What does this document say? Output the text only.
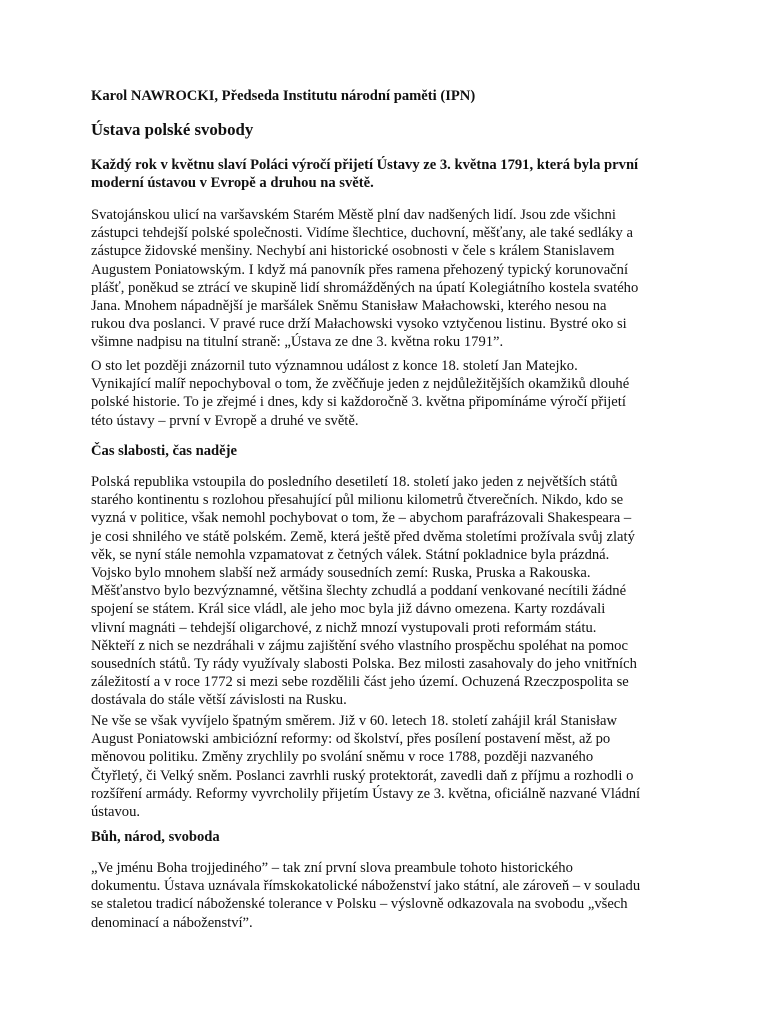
Karol NAWROCKI, Předseda Institutu národní paměti (IPN)

Ústava polské svobody

Každý rok v květnu slaví Poláci výročí přijetí Ústavy ze 3. května 1791, která byla první
moderní ústavou v Evropě a druhou na světě.

Svatojánskou ulicí na varšavském Starém Městě plní dav nadšených lidí. Jsou zde všichni
zástupci tehdejší polské společnosti. Vidíme šlechtice, duchovní, měšťany, ale také sedláky a
zástupce židovské menšiny. Nechybí ani historické osobnosti v čele s králem Stanislavem
Augustem Poniatowským. I když má panovník přes ramena přehozený typický korunovační
plášť, poněkud se ztrácí ve skupině lidí shromážděných na úpatí Kolegiátního kostela svatého
Jana. Mnohem nápadnější je maršálek Sněmu Stanisław Małachowski, kterého nesou na
rukou dva poslanci. V pravé ruce drží Małachowski vysoko vztyčenou listinu. Bystré oko si
všimne nadpisu na titulní straně: „Ústava ze dne 3. května roku 1791”.

O sto let později znázornil tuto významnou událost z konce 18. století Jan Matejko.
Vynikající malíř nepochyboval o tom, že zvěčňuje jeden z nejdůležitějších okamžiků dlouhé
polské historie. To je zřejmé i dnes, kdy si každoročně 3. května připomínáme výročí přijetí
této ústavy – první v Evropě a druhé ve světě.

Čas slabosti, čas naděje

Polská republika vstoupila do posledního desetiletí 18. století jako jeden z největších států
starého kontinentu s rozlohou přesahující půl milionu kilometrů čtverečních. Nikdo, kdo se
vyzná v politice, však nemohl pochybovat o tom, že – abychom parafrázovali Shakespeara –
je cosi shnilého ve státě polském. Země, která ještě před dvěma stoletími prožívala svůj zlatý
věk, se nyní stále nemohla vzpamatovat z četných válek. Státní pokladnice byla prázdná.
Vojsko bylo mnohem slabší než armády sousedních zemí: Ruska, Pruska a Rakouska.
Měšťanstvo bylo bezvýznamné, většina šlechty zchudlá a poddaní venkované necítili žádné
spojení se státem. Král sice vládl, ale jeho moc byla již dávno omezena. Karty rozdávali
vlivní magnáti – tehdejší oligarchové, z nichž mnozí vystupovali proti reformám státu.
Někteří z nich se nezdráhali v zájmu zajištění svého vlastního prospěchu spoléhat na pomoc
sousedních států. Ty rády využívaly slabosti Polska. Bez milosti zasahovaly do jeho vnitřních
záležitostí a v roce 1772 si mezi sebe rozdělili část jeho území. Ochuzená Rzeczpospolita se
dostávala do stále větší závislosti na Rusku.

Ne vše se však vyvíjelo špatným směrem. Již v 60. letech 18. století zahájil král Stanisław
August Poniatowski ambiciózní reformy: od školství, přes posílení postavení měst, až po
měnovou politiku. Změny zrychlily po svolání sněmu v roce 1788, později nazvaného
Čtyřletý, či Velký sněm. Poslanci zavrhli ruský protektorát, zavedli daň z příjmu a rozhodli o
rozšíření armády. Reformy vyvrcholily přijetím Ústavy ze 3. května, oficiálně nazvané Vládní
ústavou.

Bůh, národ, svoboda

„Ve jménu Boha trojjediného” – tak zní první slova preambule tohoto historického
dokumentu. Ústava uznávala římskokatolické náboženství jako státní, ale zároveň – v souladu
se staletou tradicí náboženské tolerance v Polsku – výslovně odkazovala na svobodu „všech
denominací a náboženství”.
